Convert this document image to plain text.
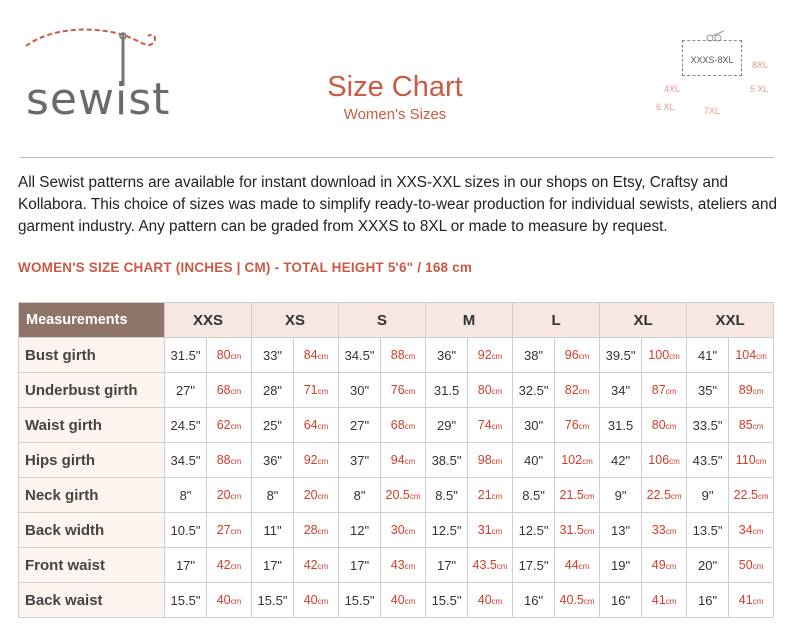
sewist	Size Chart
Women's Sizes
XXXS-8XL	8XL
4XL	5 XL
6 XL	7XL

All Sewist patterns are available for instant download in XXS-XXL sizes in our shops on Etsy, Craftsy and Kollabora. This choice of sizes was made to simplify ready-to-wear production for individual sewists, ateliers and garment industry. Any pattern can be graded from XXXS to 8XL or made to measure by request.

WOMEN'S SIZE CHART (INCHES | CM) - TOTAL HEIGHT 5'6" / 168 cm
Measurements	XXS		XS		S		M		L		XL		XXL	
Bust girth	31.5"	80cm	33"	84cm	34.5"	88cm	36"	92cm	38"	96cm	39.5"	100cm	41"	104cm
Underbust girth	27"	68cm	28"	71cm	30"	76cm	31.5	80cm	32.5"	82cm	34"	87cm	35"	89cm
Waist girth	24.5"	62cm	25"	64cm	27"	68cm	29"	74cm	30"	76cm	31.5	80cm	33.5"	85cm
Hips girth	34.5"	88cm	36"	92cm	37"	94cm	38.5"	98cm	40"	102cm	42"	106cm	43.5"	110cm
Neck girth	8"	20cm	8"	20cm	8"	20.5cm	8.5"	21cm	8.5"	21.5cm	9"	22.5cm	9"	22.5cm
Back width	10.5"	27cm	11"	28cm	12"	30cm	12.5"	31cm	12.5"	31.5cm	13"	33cm	13.5"	34cm
Front waist	17"	42cm	17"	42cm	17"	43cm	17"	43.5cm	17.5"	44cm	19"	49cm	20"	50cm
Back waist	15.5"	40cm	15.5"	40cm	15.5"	40cm	15.5"	40cm	16"	40.5cm	16"	41cm	16"	41cm
